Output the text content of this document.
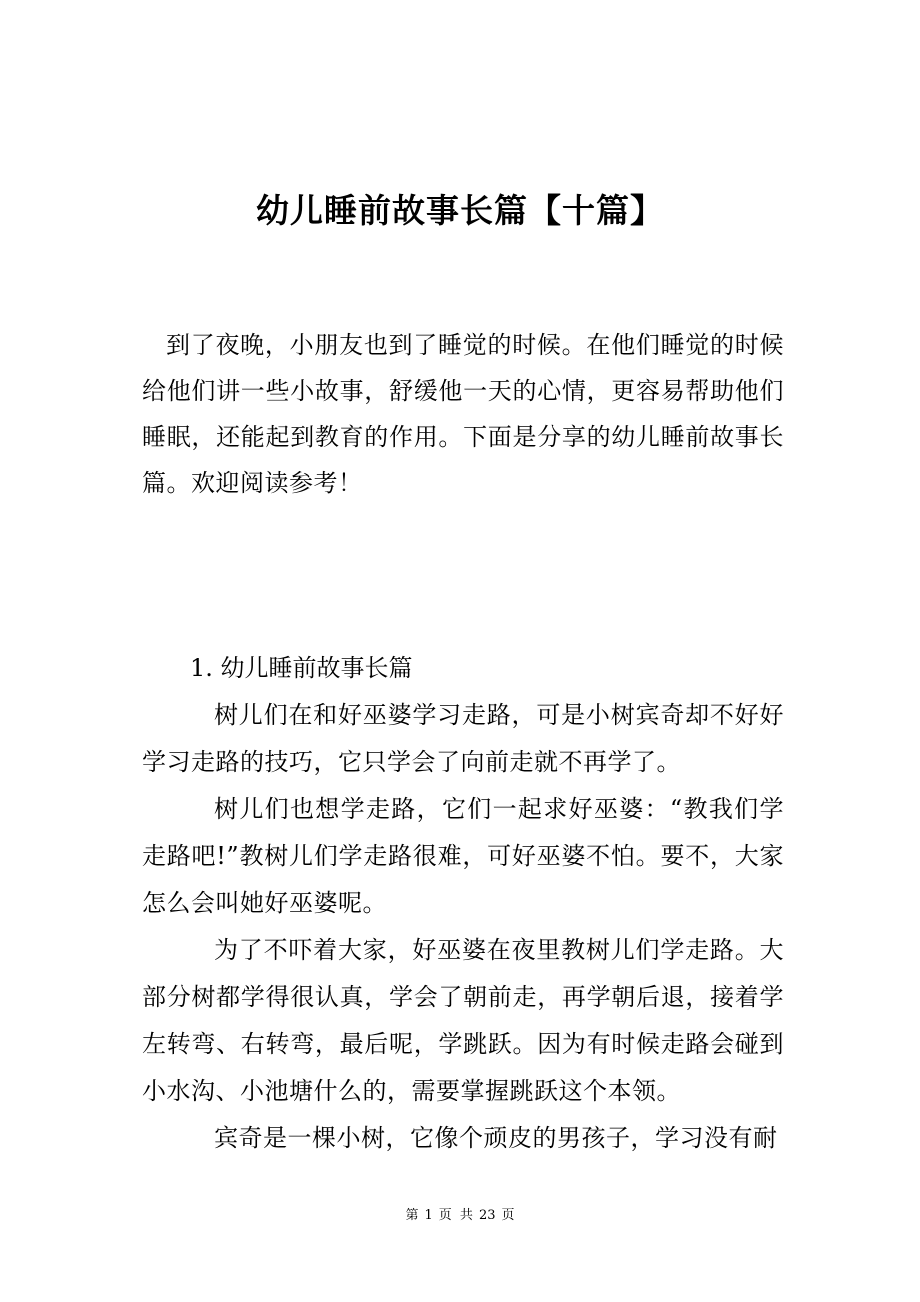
幼儿睡前故事长篇【十篇】

到了夜晚，小朋友也到了睡觉的时候。在他们睡觉的时候给他们讲一些小故事，舒缓他一天的心情，更容易帮助他们睡眠，还能起到教育的作用。下面是分享的幼儿睡前故事长篇。欢迎阅读参考！

1. 幼儿睡前故事长篇

树儿们在和好巫婆学习走路，可是小树宾奇却不好好学习走路的技巧，它只学会了向前走就不再学了。

树儿们也想学走路，它们一起求好巫婆：“教我们学走路吧!”教树儿们学走路很难，可好巫婆不怕。要不，大家怎么会叫她好巫婆呢。

为了不吓着大家，好巫婆在夜里教树儿们学走路。大部分树都学得很认真，学会了朝前走，再学朝后退，接着学左转弯、右转弯，最后呢，学跳跃。因为有时候走路会碰到小水沟、小池塘什么的，需要掌握跳跃这个本领。

宾奇是一棵小树，它像个顽皮的男孩子，学习没有耐

第 1 页 共 23 页
